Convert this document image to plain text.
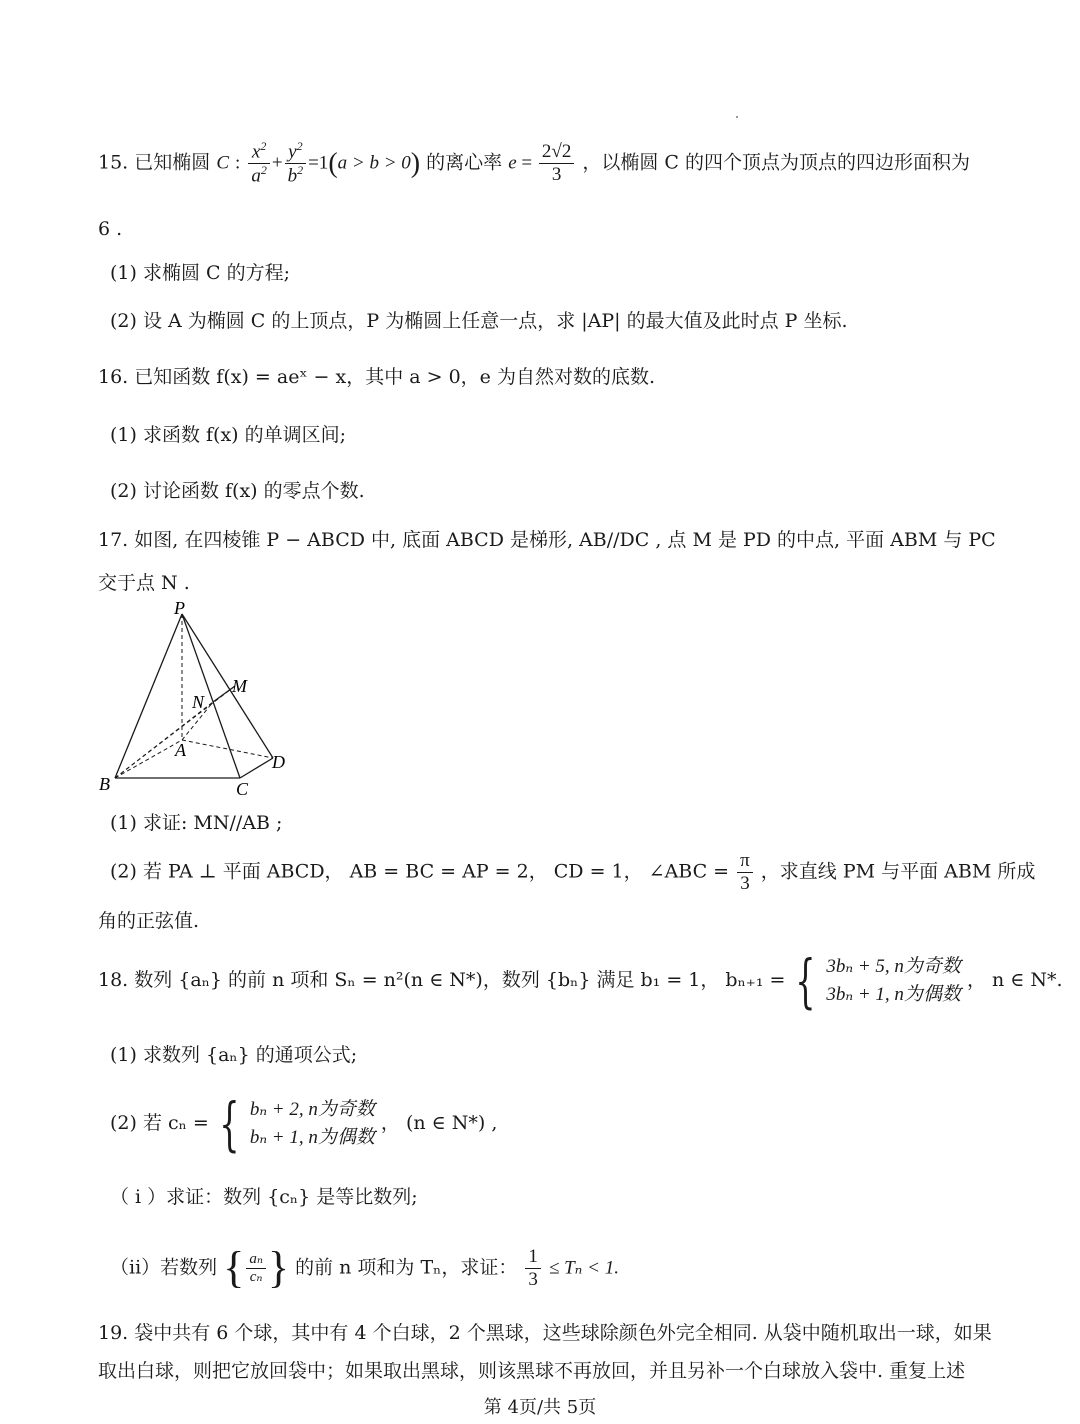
15. 已知椭圆 C : $\frac{x^2}{a^2} + \frac{y^2}{b^2} =1(a > b > 0)$ 的离心率 $e = \frac{2√2}{3}$ ，以椭圆 C 的四个顶点为顶点的四边形面积为
6 .
(1) 求椭圆 C 的方程;
(2) 设 A 为椭圆 C 的上顶点，P 为椭圆上任意一点，求 |AP| 的最大值及此时点 P 坐标.
16. 已知函数 f(x) = aeˣ − x，其中 a > 0，e 为自然对数的底数.
(1) 求函数 f(x) 的单调区间;
(2) 讨论函数 f(x) 的零点个数.
17. 如图, 在四棱锥 P − ABCD 中, 底面 ABCD 是梯形, AB//DC , 点 M 是 PD 的中点, 平面 ABM 与 PC
交于点 N .
P
M
N
A
B	C
D
(1) 求证: MN//AB ;
(2) 若 PA ⊥ 平面 ABCD， AB = BC = AP = 2， CD = 1， ∠ABC = $\frac{\pi}{3}$ ，求直线 PM 与平面 ABM 所成
角的正弦值.
18. 数列 {aₙ} 的前 n 项和 Sₙ = n²(n ∈ N*)，数列 {bₙ} 满足 b₁ = 1， bₙ₊₁ = { 3bₙ + 5, n为奇数
3bₙ + 1, n为偶数
， n ∈ N*.
(1) 求数列 {aₙ} 的通项公式;
(2) 若 cₙ = { bₙ + 2, n为奇数
bₙ + 1, n为偶数
， (n ∈ N*) ,
（ i ）求证：数列 {cₙ} 是等比数列;
（ii）若数列 { $\frac{\text{aₙ}}{\text{cₙ}}$ } 的前 n 项和为 Tₙ，求证： $\frac{1}{3} \le T_n < 1$.
19. 袋中共有 6 个球，其中有 4 个白球，2 个黑球，这些球除颜色外完全相同. 从袋中随机取出一球，如果
取出白球，则把它放回袋中；如果取出黑球，则该黑球不再放回，并且另补一个白球放入袋中. 重复上述
第 4页/共 5页
